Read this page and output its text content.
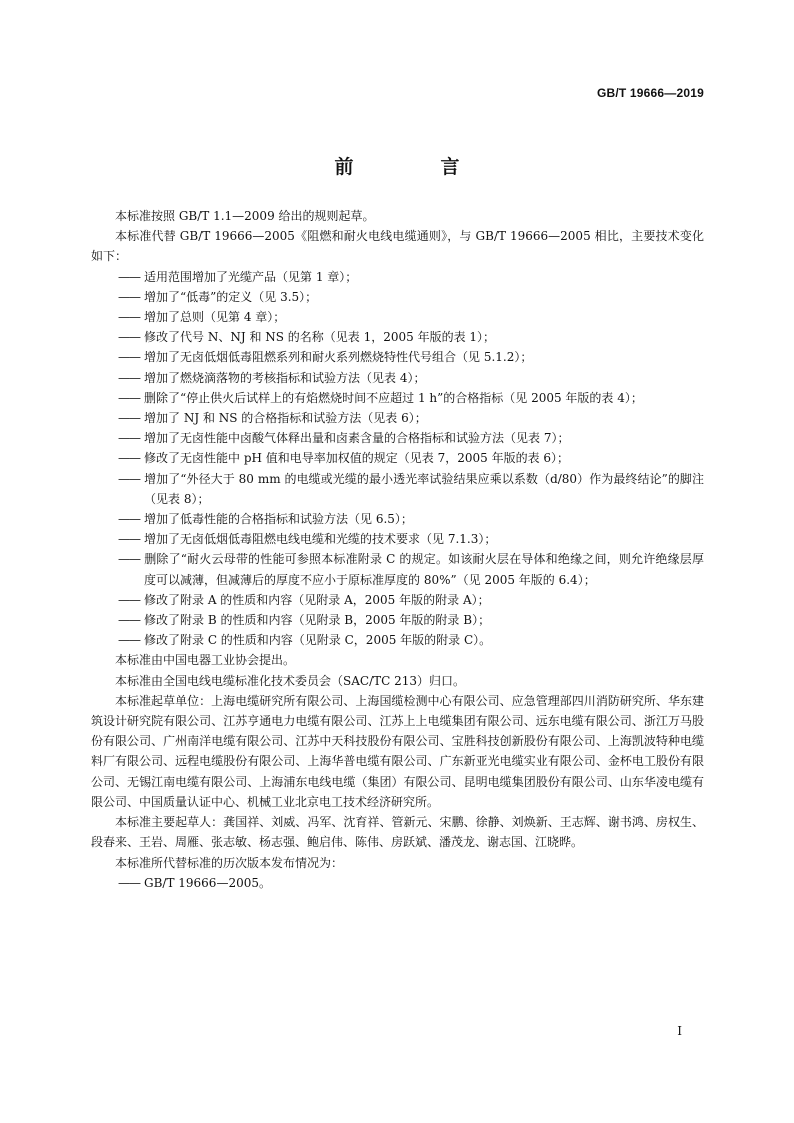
GB/T 19666—2019
前　言

本标准按照 GB/T 1.1—2009 给出的规则起草。

本标准代替 GB/T 19666—2005《阻燃和耐火电线电缆通则》，与 GB/T 19666—2005 相比，主要技术变化如下：

—— 适用范围增加了光缆产品（见第 1 章）；

—— 增加了“低毒”的定义（见 3.5）；

—— 增加了总则（见第 4 章）；

—— 修改了代号 N、NJ 和 NS 的名称（见表 1，2005 年版的表 1）；

—— 增加了无卤低烟低毒阻燃系列和耐火系列燃烧特性代号组合（见 5.1.2）；

—— 增加了燃烧滴落物的考核指标和试验方法（见表 4）；

—— 删除了“停止供火后试样上的有焰燃烧时间不应超过 1 h”的合格指标（见 2005 年版的表 4）；

—— 增加了 NJ 和 NS 的合格指标和试验方法（见表 6）；

—— 增加了无卤性能中卤酸气体释出量和卤素含量的合格指标和试验方法（见表 7）；

—— 修改了无卤性能中 pH 值和电导率加权值的规定（见表 7，2005 年版的表 6）；

—— 增加了“外径大于 80 mm 的电缆或光缆的最小透光率试验结果应乘以系数（d/80）作为最终结论”的脚注（见表 8）；

—— 增加了低毒性能的合格指标和试验方法（见 6.5）；

—— 增加了无卤低烟低毒阻燃电线电缆和光缆的技术要求（见 7.1.3）；

—— 删除了“耐火云母带的性能可参照本标准附录 C 的规定。如该耐火层在导体和绝缘之间，则允许绝缘层厚度可以减薄，但减薄后的厚度不应小于原标准厚度的 80%”（见 2005 年版的 6.4）；

—— 修改了附录 A 的性质和内容（见附录 A，2005 年版的附录 A）；

—— 修改了附录 B 的性质和内容（见附录 B，2005 年版的附录 B）；

—— 修改了附录 C 的性质和内容（见附录 C，2005 年版的附录 C）。

本标准由中国电器工业协会提出。

本标准由全国电线电缆标准化技术委员会（SAC/TC 213）归口。

本标准起草单位：上海电缆研究所有限公司、上海国缆检测中心有限公司、应急管理部四川消防研究所、华东建筑设计研究院有限公司、江苏亨通电力电缆有限公司、江苏上上电缆集团有限公司、远东电缆有限公司、浙江万马股份有限公司、广州南洋电缆有限公司、江苏中天科技股份有限公司、宝胜科技创新股份有限公司、上海凯波特种电缆料厂有限公司、远程电缆股份有限公司、上海华普电缆有限公司、广东新亚光电缆实业有限公司、金杯电工股份有限公司、无锡江南电缆有限公司、上海浦东电线电缆（集团）有限公司、昆明电缆集团股份有限公司、山东华凌电缆有限公司、中国质量认证中心、机械工业北京电工技术经济研究所。

本标准主要起草人：龚国祥、刘威、冯军、沈育祥、管新元、宋鹏、徐静、刘焕新、王志辉、谢书鸿、房权生、段春来、王岩、周雁、张志敏、杨志强、鲍启伟、陈伟、房跃斌、潘茂龙、谢志国、江晓晔。

本标准所代替标准的历次版本发布情况为：

—— GB/T 19666—2005。

I
